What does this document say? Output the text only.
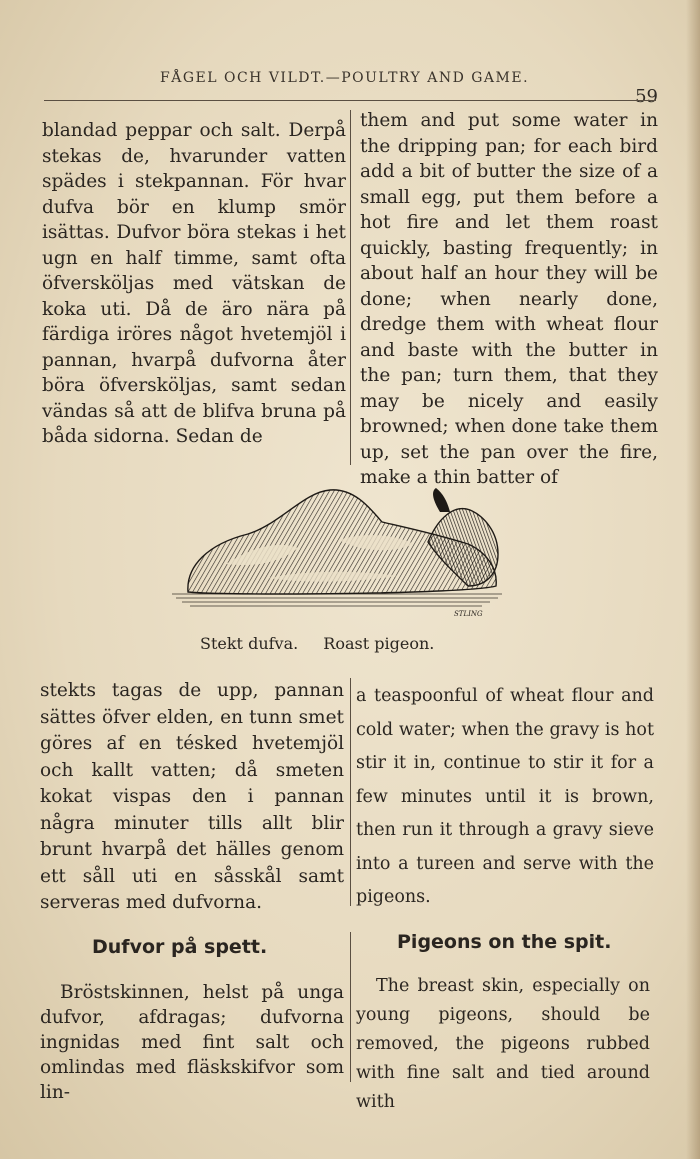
FÅGEL OCH VILDT.—POULTRY AND GAME.
59

blandad peppar och salt. Derpå stekas de, hvarunder vatten spädes i stekpannan. För hvar dufva bör en klump smör isättas. Dufvor böra stekas i het ugn en half timme, samt ofta öfversköljas med vätskan de koka uti. Då de äro nära på färdiga iröres något hvetemjöl i pannan, hvarpå dufvorna åter böra öfversköljas, samt sedan vändas så att de blifva bruna på båda sidorna. Sedan de

them and put some water in the dripping pan; for each bird add a bit of butter the size of a small egg, put them before a hot fire and let them roast quickly, basting frequently; in about half an hour they will be done; when nearly done, dredge them with wheat flour and baste with the butter in the pan; turn them, that they may be nicely and easily browned; when done take them up, set the pan over the fire, make a thin batter of

STLING
Stekt dufva. Roast pigeon.

stekts tagas de upp, pannan sättes öfver elden, en tunn smet göres af en tésked hvetemjöl och kallt vatten; då smeten kokat vispas den i pannan några minuter tills allt blir brunt hvarpå det hälles genom ett såll uti en såsskål samt serveras med dufvorna.

a teaspoonful of wheat flour and cold water; when the gravy is hot stir it in, continue to stir it for a few minutes until it is brown, then run it through a gravy sieve into a tureen and serve with the pigeons.

Dufvor på spett.	Pigeons on the spit.

Bröstskinnen, helst på unga dufvor, afdragas; dufvorna ingnidas med fint salt och omlindas med fläskskifvor som lin-

The breast skin, especially on young pigeons, should be removed, the pigeons rubbed with fine salt and tied around with
